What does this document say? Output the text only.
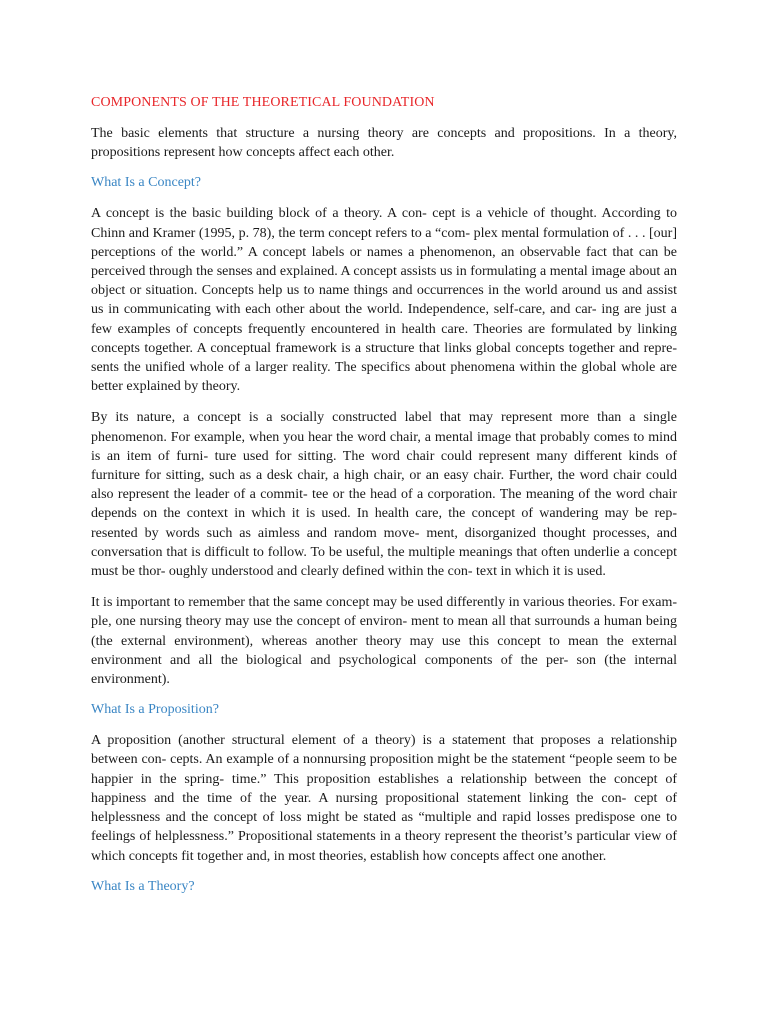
COMPONENTS OF THE THEORETICAL FOUNDATION

The basic elements that structure a nursing theory are concepts and propositions. In a theory, propositions represent how concepts affect each other.

What Is a Concept?

A concept is the basic building block of a theory. A con- cept is a vehicle of thought. According to Chinn and Kramer (1995, p. 78), the term concept refers to a “com- plex mental formulation of . . . [our] perceptions of the world.” A concept labels or names a phenomenon, an observable fact that can be perceived through the senses and explained. A concept assists us in formulating a mental image about an object or situation. Concepts help us to name things and occurrences in the world around us and assist us in communicating with each other about the world. Independence, self-care, and car- ing are just a few examples of concepts frequently encountered in health care. Theories are formulated by linking concepts together. A conceptual framework is a structure that links global concepts together and repre- sents the unified whole of a larger reality. The specifics about phenomena within the global whole are better explained by theory.

By its nature, a concept is a socially constructed label that may represent more than a single phenomenon. For example, when you hear the word chair, a mental image that probably comes to mind is an item of furni- ture used for sitting. The word chair could represent many different kinds of furniture for sitting, such as a desk chair, a high chair, or an easy chair. Further, the word chair could also represent the leader of a commit- tee or the head of a corporation. The meaning of the word chair depends on the context in which it is used. In health care, the concept of wandering may be rep- resented by words such as aimless and random move- ment, disorganized thought processes, and conversation that is difficult to follow. To be useful, the multiple meanings that often underlie a concept must be thor- oughly understood and clearly defined within the con- text in which it is used.

It is important to remember that the same concept may be used differently in various theories. For exam- ple, one nursing theory may use the concept of environ- ment to mean all that surrounds a human being (the external environment), whereas another theory may use this concept to mean the external environment and all the biological and psychological components of the per- son (the internal environment).

What Is a Proposition?

A proposition (another structural element of a theory) is a statement that proposes a relationship between con- cepts. An example of a nonnursing proposition might be the statement “people seem to be happier in the spring- time.” This proposition establishes a relationship between the concept of happiness and the time of the year. A nursing propositional statement linking the con- cept of helplessness and the concept of loss might be stated as “multiple and rapid losses predispose one to feelings of helplessness.” Propositional statements in a theory represent the theorist’s particular view of which concepts fit together and, in most theories, establish how concepts affect one another.

What Is a Theory?
